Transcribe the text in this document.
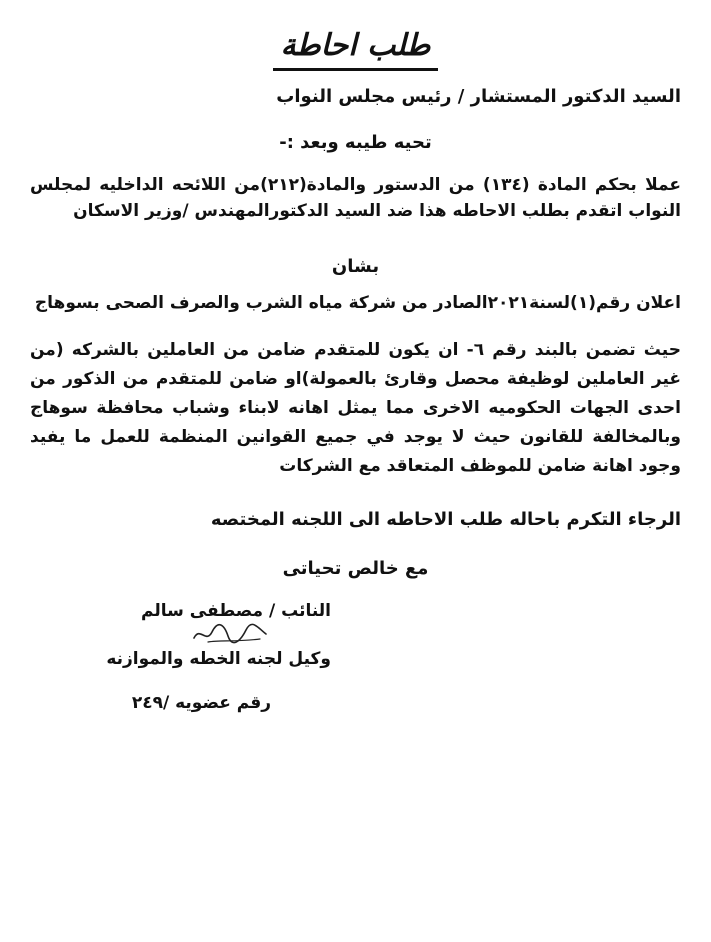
طلب احاطة
السيد الدكتور المستشار / رئيس مجلس النواب
تحيه طيبه وبعد :-
عملا بحكم المادة (١٣٤) من الدستور والمادة(٢١٢)من اللائحه الداخليه لمجلس النواب اتقدم بطلب الاحاطه هذا ضد السيد الدكتورالمهندس /وزير الاسكان
بشان
اعلان رقم(١)لسنة٢٠٢١الصادر من شركة مياه الشرب والصرف الصحى بسوهاج
حيث تضمن بالبند رقم ٦- ان يكون للمتقدم ضامن من العاملين بالشركه (من غير العاملين لوظيفة محصل وقارئ بالعمولة)او ضامن للمتقدم من الذكور من احدى الجهات الحكوميه الاخرى مما يمثل اهانه لابناء وشباب محافظة سوهاج وبالمخالفة للقانون حيث لا يوجد في جميع القوانين المنظمة للعمل ما يفيد وجود اهانة ضامن للموظف المتعاقد مع الشركات
الرجاء التكرم باحاله طلب الاحاطه الى اللجنه المختصه
مع خالص تحياتى
النائب / مصطفى سالم
وكيل لجنه الخطه والموازنه
رقم عضويه /٢٤٩
